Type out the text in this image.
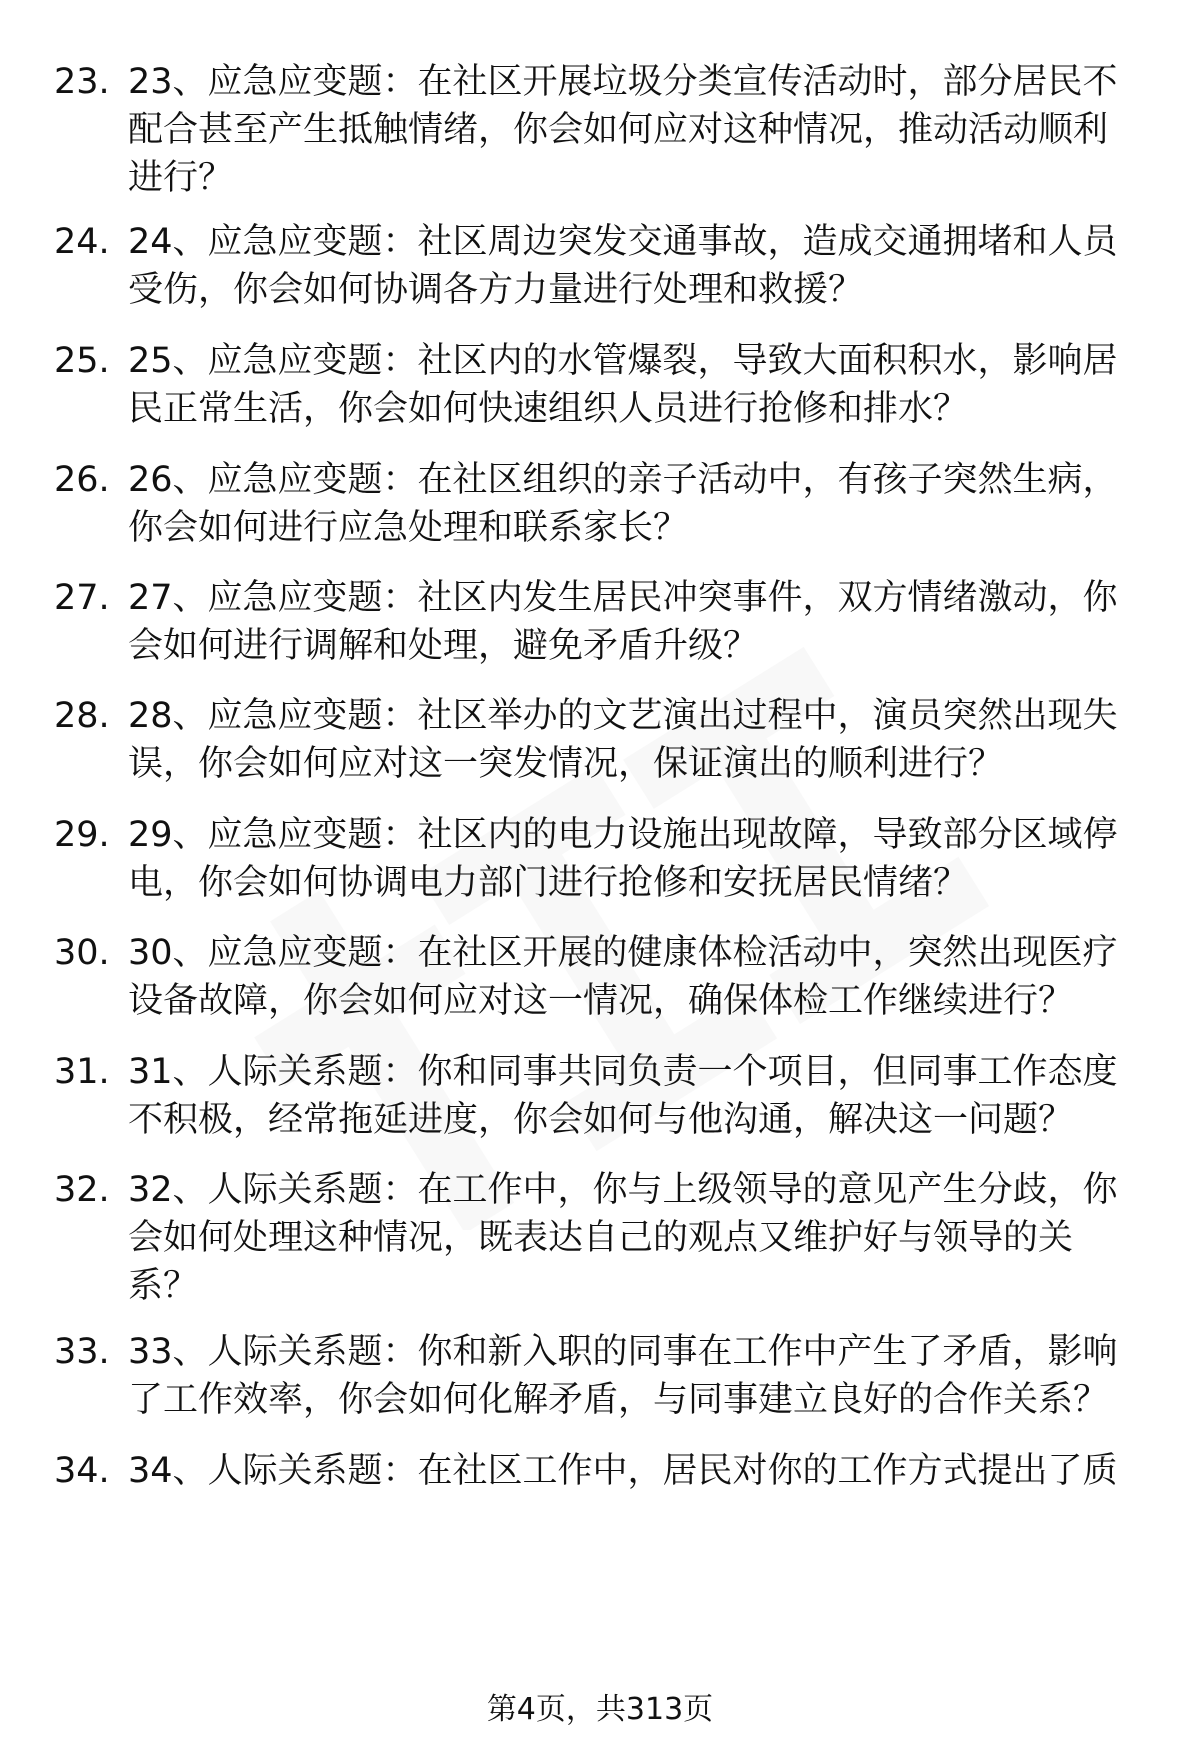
23. 23、应急应变题：在社区开展垃圾分类宣传活动时，部分居民不
配合甚至产生抵触情绪，你会如何应对这种情况，推动活动顺利
进行？
24. 24、应急应变题：社区周边突发交通事故，造成交通拥堵和人员
受伤，你会如何协调各方力量进行处理和救援？
25. 25、应急应变题：社区内的水管爆裂，导致大面积积水，影响居
民正常生活，你会如何快速组织人员进行抢修和排水？
26. 26、应急应变题：在社区组织的亲子活动中，有孩子突然生病，
你会如何进行应急处理和联系家长？
27. 27、应急应变题：社区内发生居民冲突事件，双方情绪激动，你
会如何进行调解和处理，避免矛盾升级？
28. 28、应急应变题：社区举办的文艺演出过程中，演员突然出现失
误，你会如何应对这一突发情况，保证演出的顺利进行？
29. 29、应急应变题：社区内的电力设施出现故障，导致部分区域停
电，你会如何协调电力部门进行抢修和安抚居民情绪？
30. 30、应急应变题：在社区开展的健康体检活动中，突然出现医疗
设备故障，你会如何应对这一情况，确保体检工作继续进行？
31. 31、人际关系题：你和同事共同负责一个项目，但同事工作态度
不积极，经常拖延进度，你会如何与他沟通，解决这一问题？
32. 32、人际关系题：在工作中，你与上级领导的意见产生分歧，你
会如何处理这种情况，既表达自己的观点又维护好与领导的关
系？
33. 33、人际关系题：你和新入职的同事在工作中产生了矛盾，影响
了工作效率，你会如何化解矛盾，与同事建立良好的合作关系？
34. 34、人际关系题：在社区工作中，居民对你的工作方式提出了质
第4页，共313页
